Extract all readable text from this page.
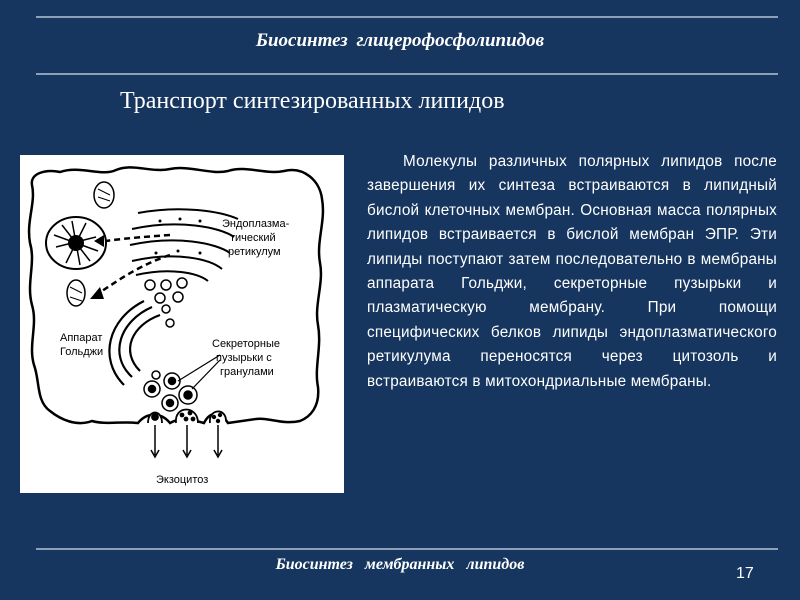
Биосинтез глицерофосфолипидов
Транспорт синтезированных липидов
Эндоплазма-
тический
ретикулум
Аппарат
Гольджи
Секреторные
пузырьки с
гранулами
Экзоцитоз
Молекулы различных полярных липидов после завершения их синтеза встраиваются в липидный бислой клеточных мембран. Основная масса полярных липидов встраивается в бислой мембран ЭПР. Эти липиды поступают затем последовательно в мембраны аппарата Гольджи, секреторные пузырьки и плазматическую мембрану. При помощи специфических белков липиды эндоплазматического ретикулума переносятся через цитозоль и встраиваются в митохондриальные мембраны.
Биосинтез мембранных липидов
17
